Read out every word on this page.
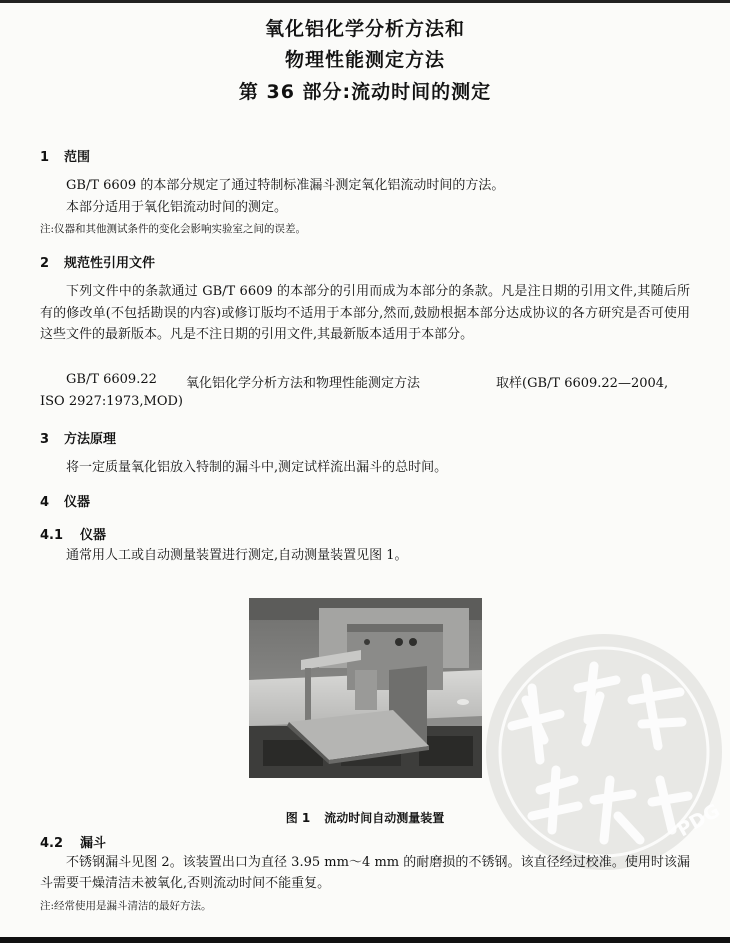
氧化铝化学分析方法和
物理性能测定方法
第 36 部分:流动时间的测定
1 范围
GB/T 6609 的本部分规定了通过特制标准漏斗测定氧化铝流动时间的方法。
本部分适用于氧化铝流动时间的测定。
注:仪器和其他测试条件的变化会影响实验室之间的误差。
2 规范性引用文件
下列文件中的条款通过 GB/T 6609 的本部分的引用而成为本部分的条款。凡是注日期的引用文件,其随后所有的修改单(不包括勘误的内容)或修订版均不适用于本部分,然而,鼓励根据本部分达成协议的各方研究是否可使用这些文件的最新版本。凡是不注日期的引用文件,其最新版本适用于本部分。
GB/T 6609.22 氧化铝化学分析方法和物理性能测定方法	取样(GB/T 6609.22—2004,
ISO 2927:1973,MOD)
3 方法原理
将一定质量氧化铝放入特制的漏斗中,测定试样流出漏斗的总时间。
4 仪器
4.1 仪器
通常用人工或自动测量装置进行测定,自动测量装置见图 1。
PDG
图 1 流动时间自动测量装置
4.2 漏斗
不锈钢漏斗见图 2。该装置出口为直径 3.95 mm～4 mm 的耐磨损的不锈钢。该直径经过校准。使用时该漏斗需要干燥清洁未被氧化,否则流动时间不能重复。
注:经常使用是漏斗清洁的最好方法。
